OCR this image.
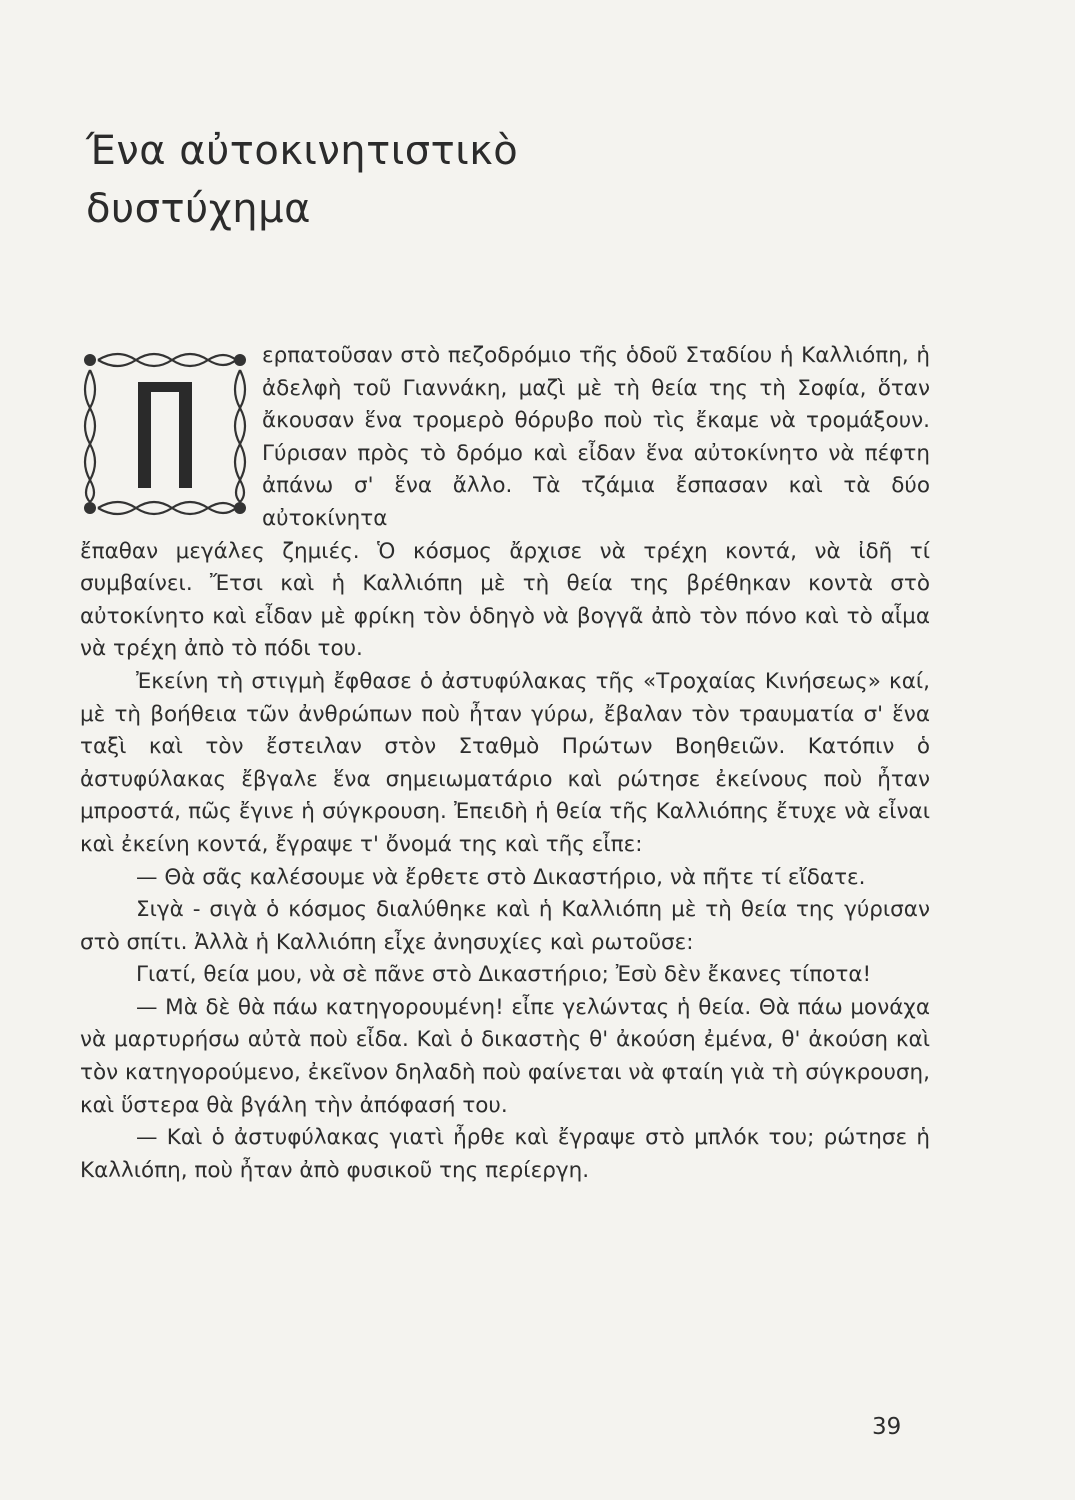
Ένα αὐτοκινητιστικὸ
δυστύχημα

ερπατοῦσαν στὸ πεζοδρόμιο τῆς ὁδοῦ Σταδίου ἡ Καλλιόπη, ἡ ἀδελφὴ τοῦ Γιαννάκη, μαζὶ μὲ τὴ θεία της τὴ Σοφία, ὅταν ἄκουσαν ἕνα τρομερὸ θόρυβο ποὺ τὶς ἔκαμε νὰ τρομάξουν. Γύρισαν πρὸς τὸ δρόμο καὶ εἶδαν ἕνα αὐτοκίνητο νὰ πέφτη ἀπάνω σ' ἕνα ἄλλο. Τὰ τζάμια ἔσπασαν καὶ τὰ δύο αὐτοκίνητα

ἔπαθαν μεγάλες ζημιές. Ὁ κόσμος ἄρχισε νὰ τρέχη κοντά, νὰ ἰδῆ τί συμβαίνει. Ἔτσι καὶ ἡ Καλλιόπη μὲ τὴ θεία της βρέθηκαν κοντὰ στὸ αὐτοκίνητο καὶ εἶδαν μὲ φρίκη τὸν ὁδηγὸ νὰ βογγᾶ ἀπὸ τὸν πόνο καὶ τὸ αἷμα νὰ τρέχη ἀπὸ τὸ πόδι του.

Ἐκείνη τὴ στιγμὴ ἔφθασε ὁ ἀστυφύλακας τῆς «Τροχαίας Κινήσεως» καί, μὲ τὴ βοήθεια τῶν ἀνθρώπων ποὺ ἦταν γύρω, ἔβαλαν τὸν τραυματία σ' ἕνα ταξὶ καὶ τὸν ἔστειλαν στὸν Σταθμὸ Πρώτων Βοηθειῶν. Κατόπιν ὁ ἀστυφύλακας ἔβγαλε ἕνα σημειωματάριο καὶ ρώτησε ἐκείνους ποὺ ἦταν μπροστά, πῶς ἔγινε ἡ σύγκρουση. Ἐπειδὴ ἡ θεία τῆς Καλλιόπης ἔτυχε νὰ εἶναι καὶ ἐκείνη κοντά, ἔγραψε τ' ὄνομά της καὶ τῆς εἶπε:

— Θὰ σᾶς καλέσουμε νὰ ἔρθετε στὸ Δικαστήριο, νὰ πῆτε τί εἴδατε.

Σιγὰ - σιγὰ ὁ κόσμος διαλύθηκε καὶ ἡ Καλλιόπη μὲ τὴ θεία της γύρισαν στὸ σπίτι. Ἀλλὰ ἡ Καλλιόπη εἶχε ἀνησυχίες καὶ ρωτοῦσε:

Γιατί, θεία μου, νὰ σὲ πᾶνε στὸ Δικαστήριο; Ἐσὺ δὲν ἔκανες τίποτα!

— Μὰ δὲ θὰ πάω κατηγορουμένη! εἶπε γελώντας ἡ θεία. Θὰ πάω μονάχα νὰ μαρτυρήσω αὐτὰ ποὺ εἶδα. Καὶ ὁ δικαστὴς θ' ἀκούση ἐμένα, θ' ἀκούση καὶ τὸν κατηγορούμενο, ἐκεῖνον δηλαδὴ ποὺ φαίνεται νὰ φταίη γιὰ τὴ σύγκρουση, καὶ ὕστερα θὰ βγάλη τὴν ἀπόφασή του.

— Καὶ ὁ ἀστυφύλακας γιατὶ ἦρθε καὶ ἔγραψε στὸ μπλόκ του; ρώτησε ἡ Καλλιόπη, ποὺ ἦταν ἀπὸ φυσικοῦ της περίεργη.

39
